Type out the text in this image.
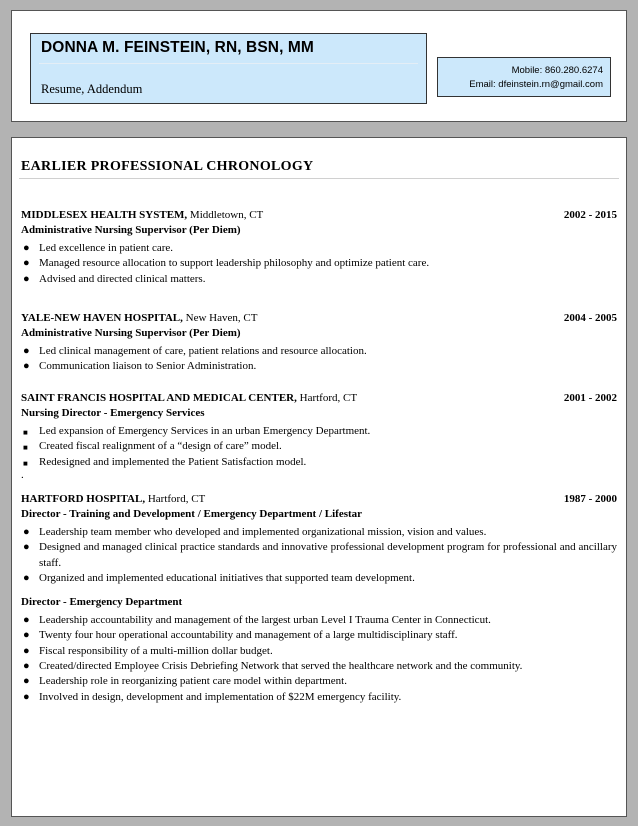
DONNA M. FEINSTEIN, RN, BSN, MM
Resume, Addendum
Mobile: 860.280.6274
Email: dfeinstein.rn@gmail.com
EARLIER PROFESSIONAL CHRONOLOGY
MIDDLESEX HEALTH SYSTEM, Middletown, CT	2002 - 2015
Administrative Nursing Supervisor (Per Diem)
● Led excellence in patient care.
● Managed resource allocation to support leadership philosophy and optimize patient care.
● Advised and directed clinical matters.
YALE-NEW HAVEN HOSPITAL, New Haven, CT	2004 - 2005
Administrative Nursing Supervisor (Per Diem)
● Led clinical management of care, patient relations and resource allocation.
● Communication liaison to Senior Administration.
SAINT FRANCIS HOSPITAL AND MEDICAL CENTER, Hartford, CT	2001 - 2002
Nursing Director - Emergency Services
■ Led expansion of Emergency Services in an urban Emergency Department.
■ Created fiscal realignment of a “design of care” model.
■ Redesigned and implemented the Patient Satisfaction model.
.
HARTFORD HOSPITAL, Hartford, CT	1987 - 2000
Director - Training and Development / Emergency Department / Lifestar
● Leadership team member who developed and implemented organizational mission, vision and values.
● Designed and managed clinical practice standards and innovative professional development program for professional and ancillary staff.
● Organized and implemented educational initiatives that supported team development.
Director - Emergency Department
● Leadership accountability and management of the largest urban Level I Trauma Center in Connecticut.
● Twenty four hour operational accountability and management of a large multidisciplinary staff.
● Fiscal responsibility of a multi-million dollar budget.
● Created/directed Employee Crisis Debriefing Network that served the healthcare network and the community.
● Leadership role in reorganizing patient care model within department.
● Involved in design, development and implementation of $22M emergency facility.
